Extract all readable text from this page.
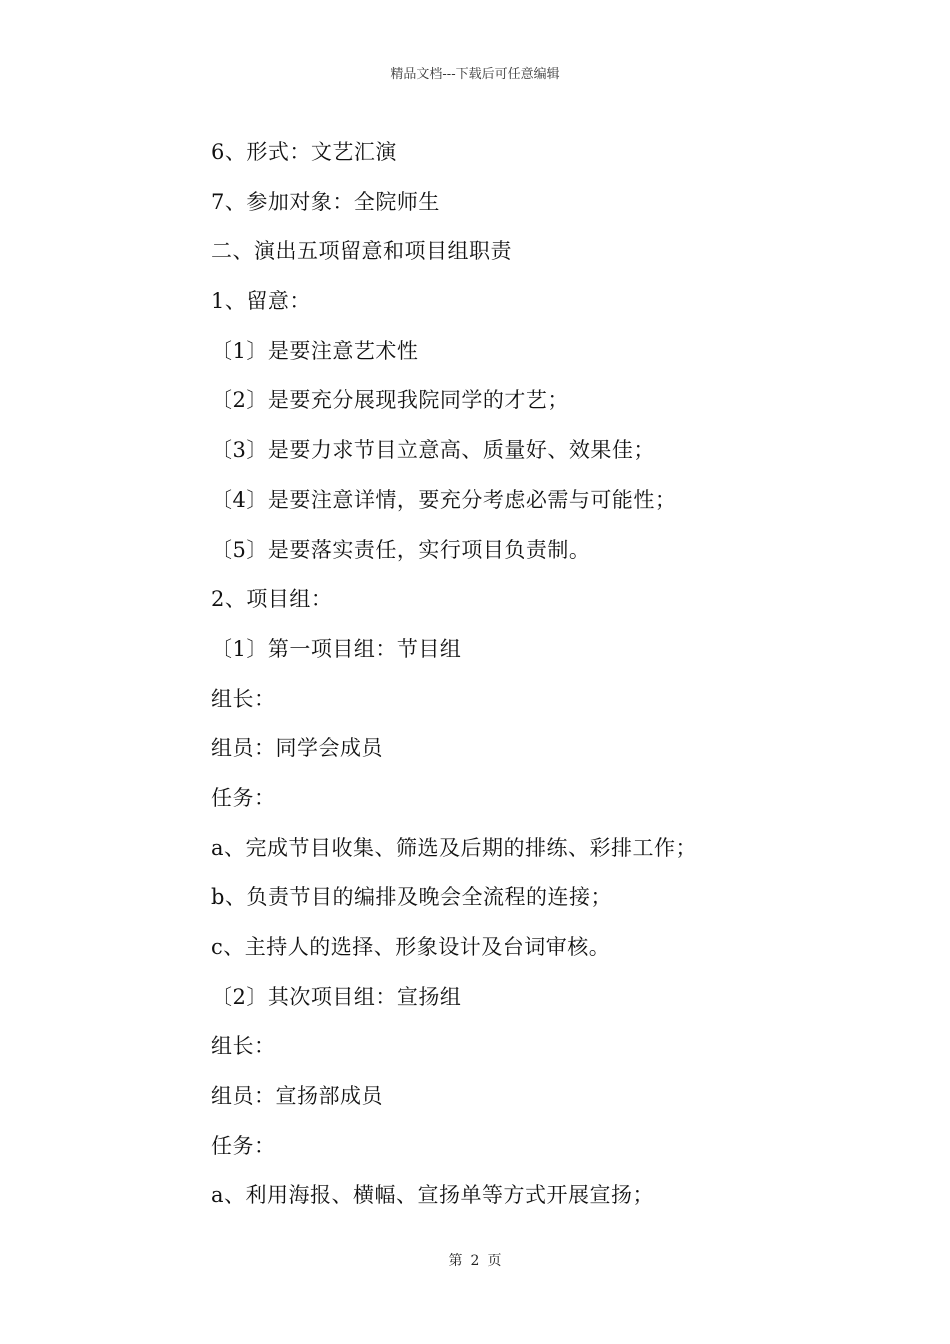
精品文档---下载后可任意编辑
6、形式：文艺汇演
7、参加对象：全院师生
二、演出五项留意和项目组职责
1、留意：
〔1〕是要注意艺术性
〔2〕是要充分展现我院同学的才艺；
〔3〕是要力求节目立意高、质量好、效果佳；
〔4〕是要注意详情，要充分考虑必需与可能性；
〔5〕是要落实责任，实行项目负责制。
2、项目组：
〔1〕第一项目组：节目组
组长：
组员：同学会成员
任务：
a、完成节目收集、筛选及后期的排练、彩排工作；
b、负责节目的编排及晚会全流程的连接；
c、主持人的选择、形象设计及台词审核。
〔2〕其次项目组：宣扬组
组长：
组员：宣扬部成员
任务：
a、利用海报、横幅、宣扬单等方式开展宣扬；
第 2 页
